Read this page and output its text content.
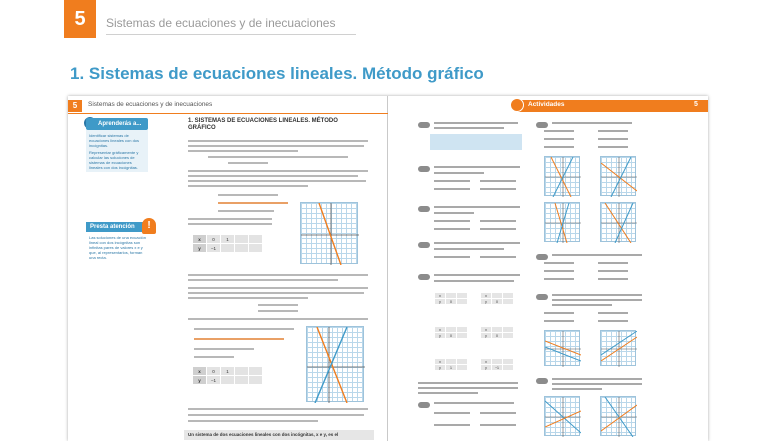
5	Sistemas de ecuaciones y de inecuaciones
1. Sistemas de ecuaciones lineales. Método gráfico
5	Sistemas de ecuaciones y de inecuaciones
Aprenderás a...

Identificar sistemas de ecuaciones lineales con dos incógnitas.

Representar gráficamente y calcular las soluciones de sistemas de ecuaciones lineales con dos incógnitas.

Presta atención	!

Las soluciones de una ecuación lineal con dos incógnitas son infinitas pares de valores x e y que, al representarlos, forman una recta.

1. SISTEMAS DE ECUACIONES LINEALES. MÉTODO GRÁFICO
x	0	1		
y	−1			
x	0	1		
y	−1			
Un sistema de dos ecuaciones lineales con dos incógnitas, x e y, es el
Actividades	5
x		
y	0	
x		
y	0	
x		
y	0	
x		
y	0	
x		
y	1	
x		
y	−1	
